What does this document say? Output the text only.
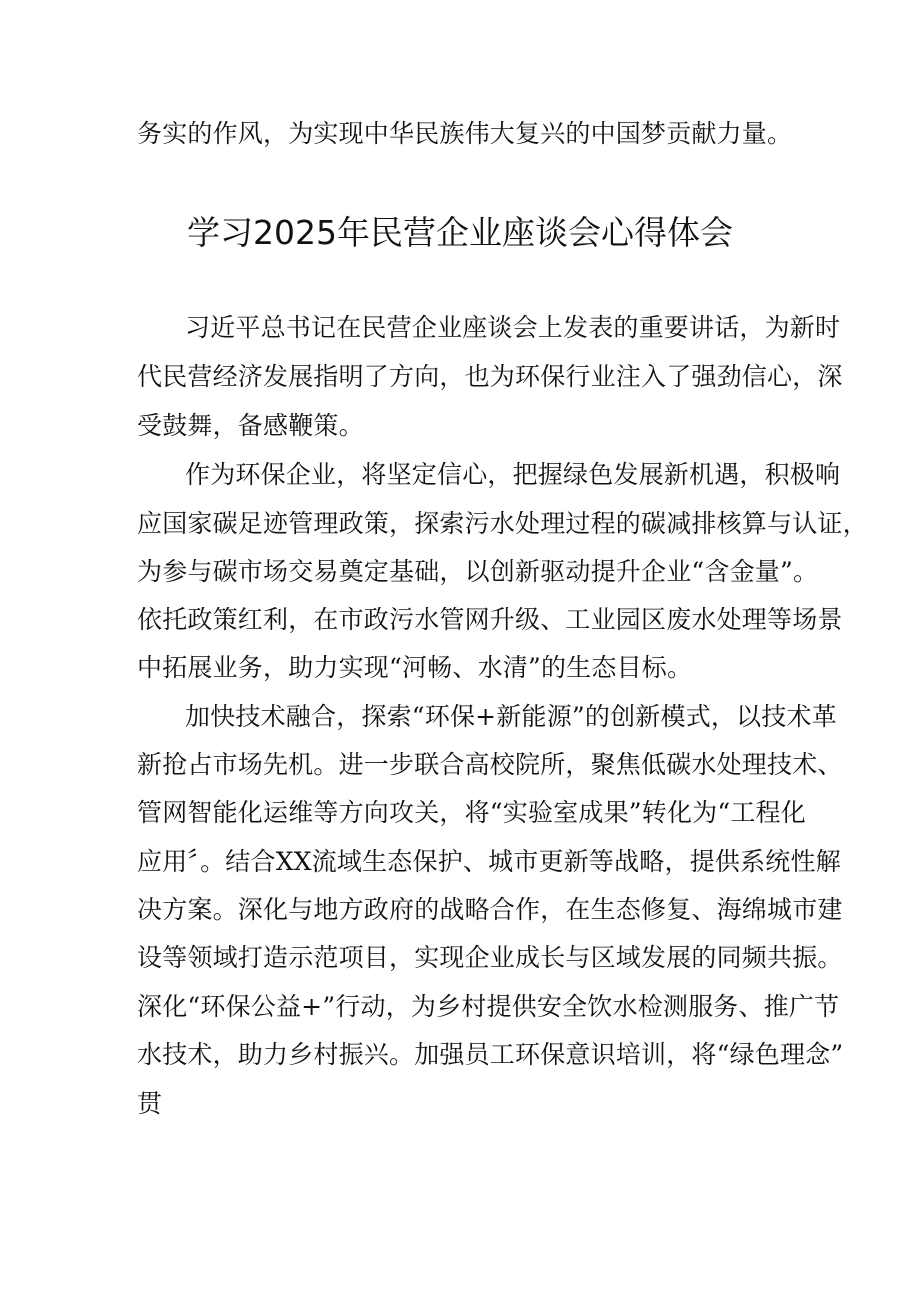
务实的作风，为实现中华民族伟大复兴的中国梦贡献力量。
学习2025年民营企业座谈会心得体会
习近平总书记在民营企业座谈会上发表的重要讲话，为新时
代民营经济发展指明了方向，也为环保行业注入了强劲信心，深
受鼓舞，备感鞭策。
作为环保企业，将坚定信心，把握绿色发展新机遇，积极响
应国家碳足迹管理政策，探索污水处理过程的碳减排核算与认证，
为参与碳市场交易奠定基础，以创新驱动提升企业“含金量”。
依托政策红利，在市政污水管网升级、工业园区废水处理等场景
中拓展业务，助力实现“河畅、水清”的生态目标。
加快技术融合，探索“环保+新能源”的创新模式，以技术革
新抢占市场先机。进一步联合高校院所，聚焦低碳水处理技术、
管网智能化运维等方向攻关，将“实验室成果”转化为“工程化
应用〞。结合XX流域生态保护、城市更新等战略，提供系统性解
决方案。深化与地方政府的战略合作，在生态修复、海绵城市建
设等领域打造示范项目，实现企业成长与区域发展的同频共振。
深化“环保公益+”行动，为乡村提供安全饮水检测服务、推广节
水技术，助力乡村振兴。加强员工环保意识培训，将“绿色理念”
贯
